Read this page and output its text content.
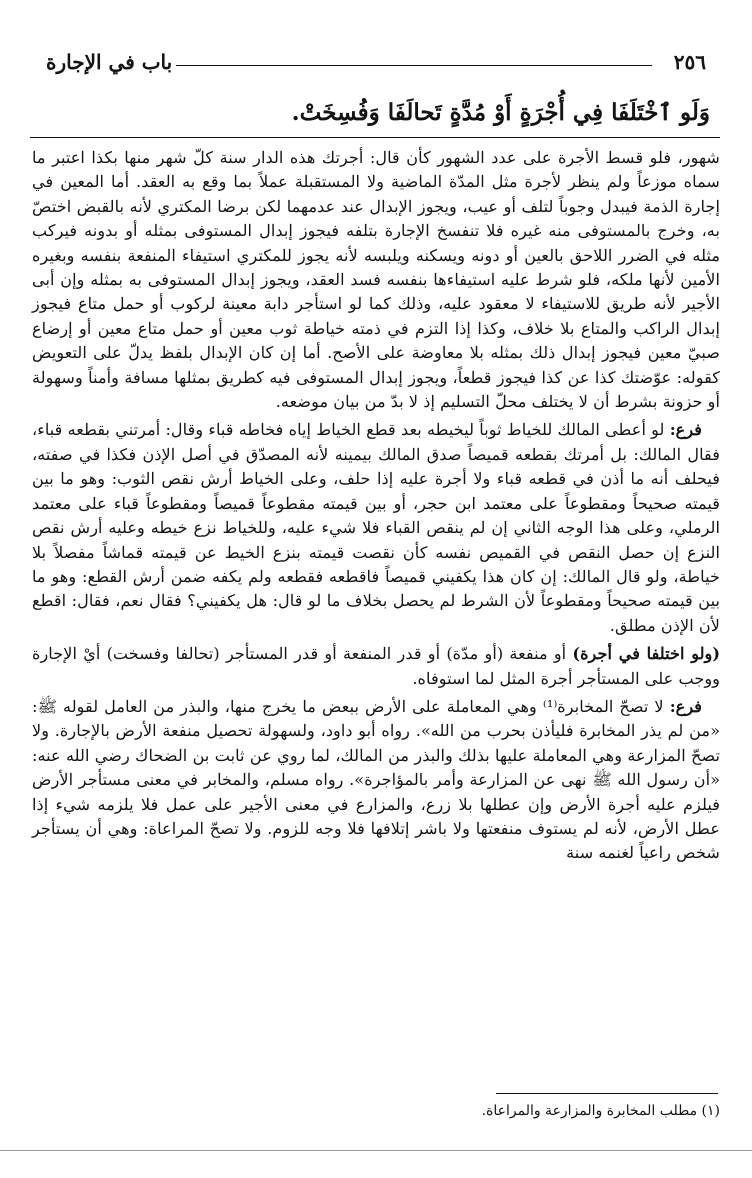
٢٥٦
باب في الإجارة
وَلَو ٱخْتَلَفَا فِي أُجْرَةٍ أَوْ مُدَّةٍ تَحالَفَا وَفُسِخَتْ.

شهور، فلو قسط الأجرة على عدد الشهور كأن قال: أجرتك هذه الدار سنة كلّ شهر منها بكذا اعتبر ما سماه موزعاً ولم ينظر لأجرة مثل المدّة الماضية ولا المستقبلة عملاً بما وقع به العقد. أما المعين في إجارة الذمة فيبدل وجوباً لتلف أو عيب، ويجوز الإبدال عند عدمهما لكن برضا المكتري لأنه بالقبض اختصّ به، وخرج بالمستوفى منه غيره فلا تنفسخ الإجارة بتلفه فيجوز إبدال المستوفى بمثله أو بدونه فيركب مثله في الضرر اللاحق بالعين أو دونه ويسكنه ويلبسه لأنه يجوز للمكتري استيفاء المنفعة بنفسه وبغيره الأمين لأنها ملكه، فلو شرط عليه استيفاءها بنفسه فسد العقد، ويجوز إبدال المستوفى به بمثله وإن أبى الأجير لأنه طريق للاستيفاء لا معقود عليه، وذلك كما لو استأجر دابة معينة لركوب أو حمل متاع فيجوز إبدال الراكب والمتاع بلا خلاف، وكذا إذا التزم في ذمته خياطة ثوب معين أو حمل متاع معين أو إرضاع صبيّ معين فيجوز إبدال ذلك بمثله بلا معاوضة على الأصح. أما إن كان الإبدال بلفظ يدلّ على التعويض كقوله: عوّضتك كذا عن كذا فيجوز قطعاً، ويجوز إبدال المستوفى فيه كطريق بمثلها مسافة وأمناً وسهولة أو حزونة بشرط أن لا يختلف محلّ التسليم إذ لا بدّ من بيان موضعه.

فرع: لو أعطى المالك للخياط ثوباً ليخيطه بعد قطع الخياط إياه فخاطه قباء وقال: أمرتني بقطعه قباء، فقال المالك: بل أمرتك بقطعه قميصاً صدق المالك بيمينه لأنه المصدّق في أصل الإذن فكذا في صفته، فيحلف أنه ما أذن في قطعه قباء ولا أجرة عليه إذا حلف، وعلى الخياط أرش نقص الثوب: وهو ما بين قيمته صحيحاً ومقطوعاً على معتمد ابن حجر، أو بين قيمته مقطوعاً قميصاً ومقطوعاً قباء على معتمد الرملي، وعلى هذا الوجه الثاني إن لم ينقص القباء فلا شيء عليه، وللخياط نزع خيطه وعليه أرش نقص النزع إن حصل النقص في القميص نفسه كأن نقصت قيمته بنزع الخيط عن قيمته قماشاً مفصلاً بلا خياطة، ولو قال المالك: إن كان هذا يكفيني قميصاً فاقطعه فقطعه ولم يكفه ضمن أرش القطع: وهو ما بين قيمته صحيحاً ومقطوعاً لأن الشرط لم يحصل بخلاف ما لو قال: هل يكفيني؟ فقال نعم، فقال: اقطع لأن الإذن مطلق.

(ولو اختلفا في أجرة) أو منفعة (أو مدّة) أو قدر المنفعة أو قدر المستأجر (تحالفا وفسخت) أيْ الإجارة ووجب على المستأجر أجرة المثل لما استوفاه.

فرع: لا تصحّ المخابرة⁽¹⁾ وهي المعاملة على الأرض ببعض ما يخرج منها، والبذر من العامل لقوله ﷺ: «من لم يذر المخابرة فليأذن بحرب من الله». رواه أبو داود، ولسهولة تحصيل منفعة الأرض بالإجارة. ولا تصحّ المزارعة وهي المعاملة عليها بذلك والبذر من المالك، لما روي عن ثابت بن الضحاك رضي الله عنه: «أن رسول الله ﷺ نهى عن المزارعة وأمر بالمؤاجرة». رواه مسلم، والمخابر في معنى مستأجر الأرض فيلزم عليه أجرة الأرض وإن عطلها بلا زرع، والمزارع في معنى الأجير على عمل فلا يلزمه شيء إذا عطل الأرض، لأنه لم يستوف منفعتها ولا باشر إتلافها فلا وجه للزوم. ولا تصحّ المراعاة: وهي أن يستأجر شخص راعياً لغنمه سنة

(١) مطلب المخابرة والمزارعة والمراعاة.
